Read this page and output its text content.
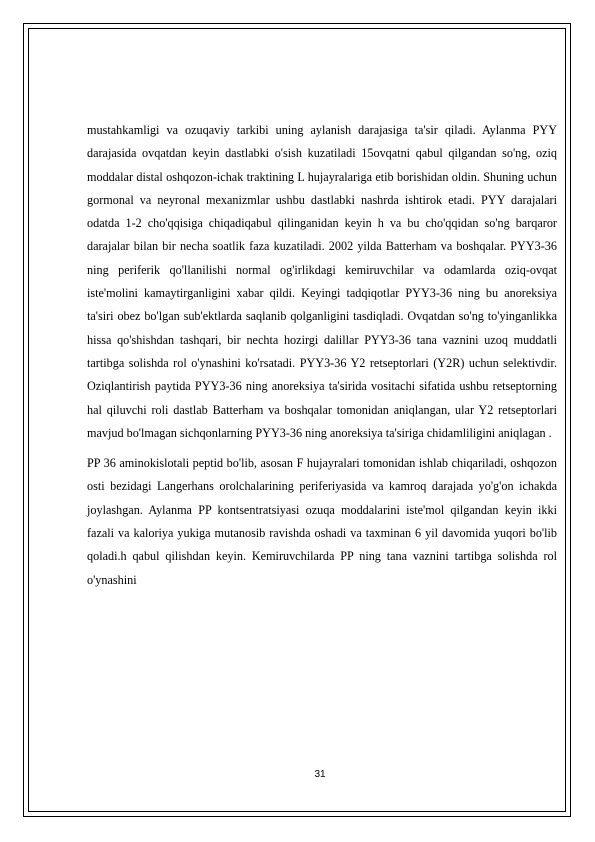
mustahkamligi va ozuqaviy tarkibi uning aylanish darajasiga ta'sir qiladi. Aylanma PYY darajasida ovqatdan keyin dastlabki o'sish kuzatiladi 15ovqatni qabul qilgandan so'ng, oziq moddalar distal oshqozon-ichak traktining L hujayralariga etib borishidan oldin. Shuning uchun gormonal va neyronal mexanizmlar ushbu dastlabki nashrda ishtirok etadi. PYY darajalari odatda 1-2 cho'qqisiga chiqadiqabul qilinganidan keyin h va bu cho'qqidan so'ng barqaror darajalar bilan bir necha soatlik faza kuzatiladi. 2002 yilda Batterham va boshqalar. PYY3-36 ning periferik qo'llanilishi normal og'irlikdagi kemiruvchilar va odamlarda oziq-ovqat iste'molini kamaytirganligini xabar qildi. Keyingi tadqiqotlar PYY3-36 ning bu anoreksiya ta'siri obez bo'lgan sub'ektlarda saqlanib qolganligini tasdiqladi. Ovqatdan so'ng to'yinganlikka hissa qo'shishdan tashqari, bir nechta hozirgi dalillar PYY3-36 tana vaznini uzoq muddatli tartibga solishda rol o'ynashini ko'rsatadi. PYY3-36 Y2 retseptorlari (Y2R) uchun selektivdir. Oziqlantirish paytida PYY3-36 ning anoreksiya ta'sirida vositachi sifatida ushbu retseptorning hal qiluvchi roli dastlab Batterham va boshqalar tomonidan aniqlangan, ular Y2 retseptorlari mavjud bo'lmagan sichqonlarning PYY3-36 ning anoreksiya ta'siriga chidamliligini aniqlagan .

PP 36 aminokislotali peptid bo'lib, asosan F hujayralari tomonidan ishlab chiqariladi, oshqozon osti bezidagi Langerhans orolchalarining periferiyasida va kamroq darajada yo'g'on ichakda joylashgan. Aylanma PP kontsentratsiyasi ozuqa moddalarini iste'mol qilgandan keyin ikki fazali va kaloriya yukiga mutanosib ravishda oshadi va taxminan 6 yil davomida yuqori bo'lib qoladi.h qabul qilishdan keyin. Kemiruvchilarda PP ning tana vaznini tartibga solishda rol o'ynashini

31
